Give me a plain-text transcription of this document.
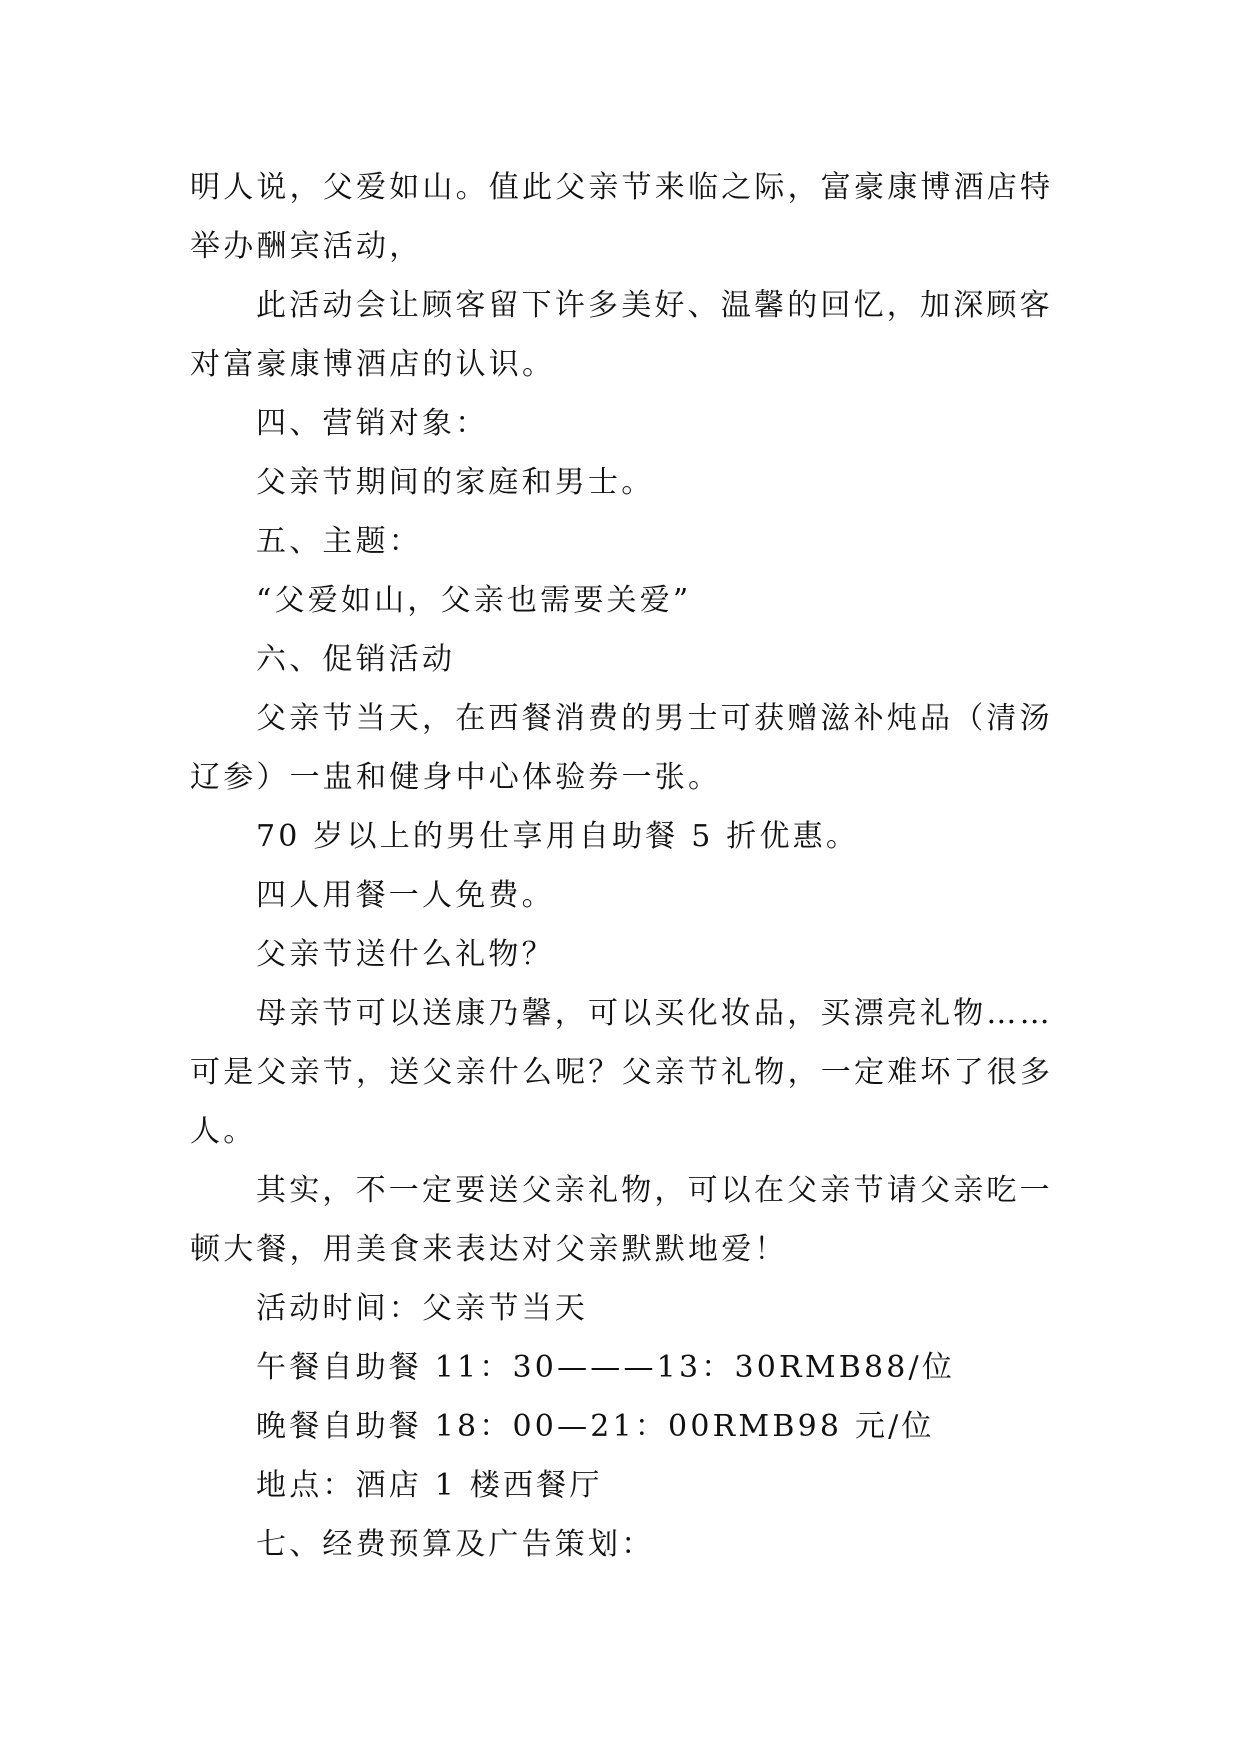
明人说，父爱如山。值此父亲节来临之际，富豪康博酒店特
举办酬宾活动，
此活动会让顾客留下许多美好、温馨的回忆，加深顾客
对富豪康博酒店的认识。
四、营销对象：
父亲节期间的家庭和男士。
五、主题：
“父爱如山，父亲也需要关爱”
六、促销活动
父亲节当天，在西餐消费的男士可获赠滋补炖品（清汤
辽参）一盅和健身中心体验券一张。
70 岁以上的男仕享用自助餐 5 折优惠。
四人用餐一人免费。
父亲节送什么礼物？
母亲节可以送康乃馨，可以买化妆品，买漂亮礼物……
可是父亲节，送父亲什么呢？父亲节礼物，一定难坏了很多
人。
其实，不一定要送父亲礼物，可以在父亲节请父亲吃一
顿大餐，用美食来表达对父亲默默地爱！
活动时间：父亲节当天
午餐自助餐 11：30———13：30RMB88/位
晚餐自助餐 18：00—21：00RMB98 元/位
地点：酒店 1 楼西餐厅
七、经费预算及广告策划：
